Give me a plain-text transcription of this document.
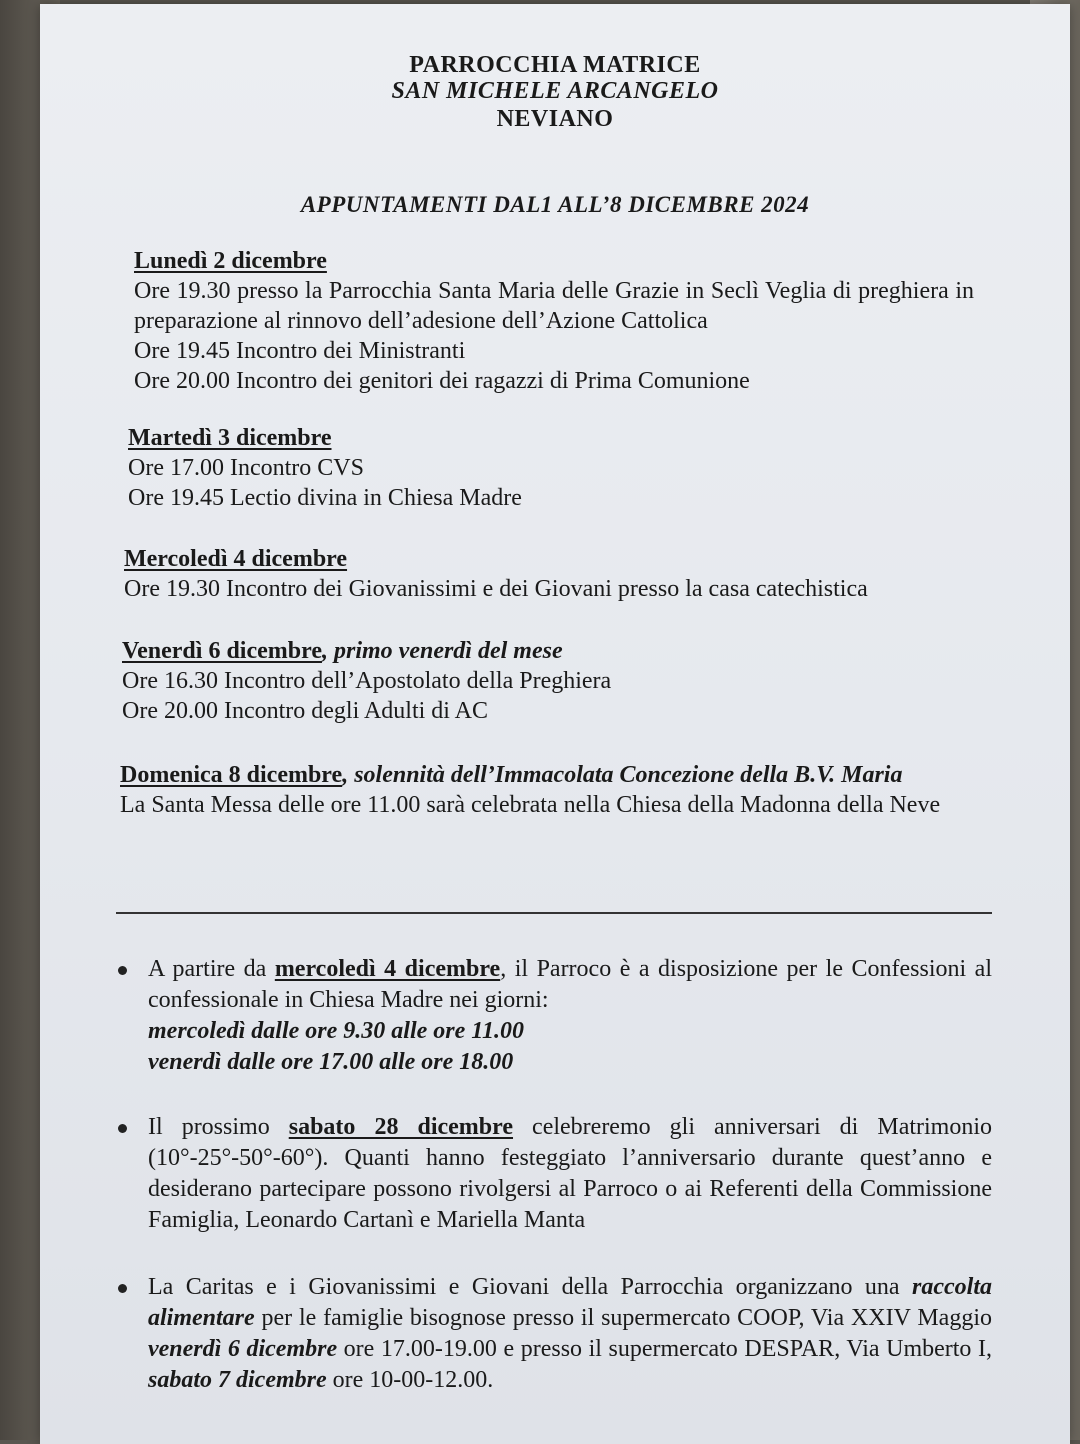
PARROCCHIA MATRICE
SAN MICHELE ARCANGELO
NEVIANO
APPUNTAMENTI DAL1 ALL’8 DICEMBRE 2024
Lunedì 2 dicembre
Ore 19.30 presso la Parrocchia Santa Maria delle Grazie in Seclì Veglia di preghiera in preparazione al rinnovo dell’adesione dell’Azione Cattolica
Ore 19.45 Incontro dei Ministranti
Ore 20.00 Incontro dei genitori dei ragazzi di Prima Comunione
Martedì 3 dicembre
Ore 17.00 Incontro CVS
Ore 19.45 Lectio divina in Chiesa Madre
Mercoledì 4 dicembre
Ore 19.30 Incontro dei Giovanissimi e dei Giovani presso la casa catechistica
Venerdì 6 dicembre, primo venerdì del mese
Ore 16.30 Incontro dell’Apostolato della Preghiera
Ore 20.00 Incontro degli Adulti di AC
Domenica 8 dicembre, solennità dell’Immacolata Concezione della B.V. Maria
La Santa Messa delle ore 11.00 sarà celebrata nella Chiesa della Madonna della Neve
A partire da mercoledì 4 dicembre, il Parroco è a disposizione per le Confessioni al confessionale in Chiesa Madre nei giorni:
mercoledì dalle ore 9.30 alle ore 11.00
venerdì dalle ore 17.00 alle ore 18.00
Il prossimo sabato 28 dicembre celebreremo gli anniversari di Matrimonio (10°-25°-50°-60°). Quanti hanno festeggiato l’anniversario durante quest’anno e desiderano partecipare possono rivolgersi al Parroco o ai Referenti della Commissione Famiglia, Leonardo Cartanì e Mariella Manta
La Caritas e i Giovanissimi e Giovani della Parrocchia organizzano una raccolta alimentare per le famiglie bisognose presso il supermercato COOP, Via XXIV Maggio venerdì 6 dicembre ore 17.00-19.00 e presso il supermercato DESPAR, Via Umberto I, sabato 7 dicembre ore 10-00-12.00.
